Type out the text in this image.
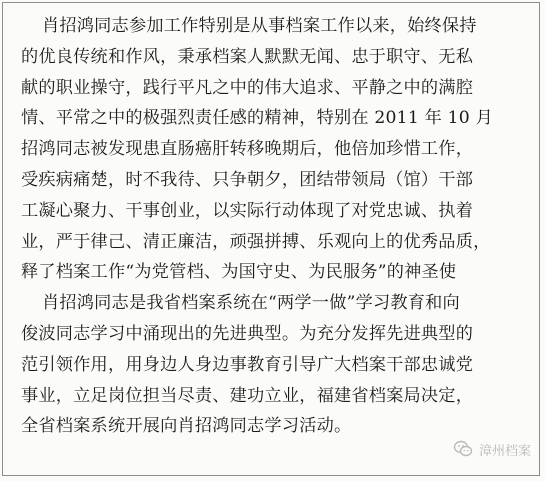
肖招鸿同志参加工作特别是从事档案工作以来，始终保持
的优良传统和作风，秉承档案人默默无闻、忠于职守、无私
献的职业操守，践行平凡之中的伟大追求、平静之中的满腔
情、平常之中的极强烈责任感的精神，特别在 2011 年 10 月
招鸿同志被发现患直肠癌肝转移晚期后，他倍加珍惜工作，
受疾病痛楚，时不我待、只争朝夕，团结带领局（馆）干部
工凝心聚力、干事创业，以实际行动体现了对党忠诚、执着
业，严于律己、清正廉洁，顽强拼搏、乐观向上的优秀品质，
释了档案工作“为党管档、为国守史、为民服务”的神圣使
肖招鸿同志是我省档案系统在“两学一做”学习教育和向
俊波同志学习中涌现出的先进典型。为充分发挥先进典型的
范引领作用，用身边人身边事教育引导广大档案干部忠诚党
事业，立足岗位担当尽责、建功立业，福建省档案局决定，
全省档案系统开展向肖招鸿同志学习活动。
漳州档案
